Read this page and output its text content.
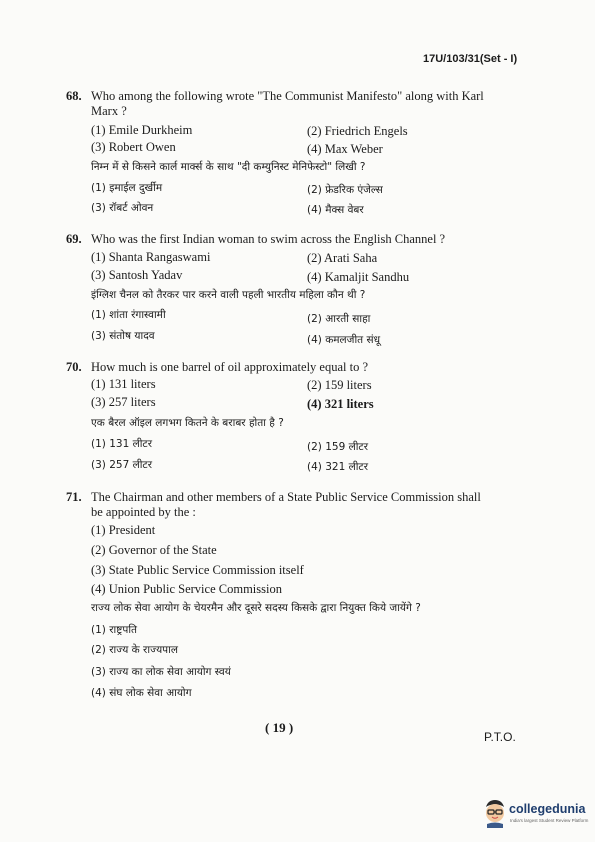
17U/103/31(Set - I)
68. Who among the following wrote "The Communist Manifesto" along with Karl
Marx ?
(1) Emile Durkheim	(2) Friedrich Engels
(3) Robert Owen	(4) Max Weber
निम्न में से किसने कार्ल मार्क्स के साथ "दी कम्युनिस्ट मेनिफेस्टो" लिखी ?
(1) इमाईल दुर्खीम	(2) फ्रेडरिक एंजेल्स
(3) रॉबर्ट ओवन	(4) मैक्स वेबर
69. Who was the first Indian woman to swim across the English Channel ?
(1) Shanta Rangaswami	(2) Arati Saha
(3) Santosh Yadav	(4) Kamaljit Sandhu
इंग्लिश चैनल को तैरकर पार करने वाली पहली भारतीय महिला कौन थी ?
(1) शांता रंगास्वामी	(2) आरती साहा
(3) संतोष यादव	(4) कमलजीत संधू
70. How much is one barrel of oil approximately equal to ?
(1) 131 liters	(2) 159 liters
(3) 257 liters	(4) 321 liters
एक बैरल ऑइल लगभग कितने के बराबर होता है ?
(1) 131 लीटर	(2) 159 लीटर
(3) 257 लीटर	(4) 321 लीटर
71. The Chairman and other members of a State Public Service Commission shall
be appointed by the :
(1) President
(2) Governor of the State
(3) State Public Service Commission itself
(4) Union Public Service Commission
राज्य लोक सेवा आयोग के चेयरमैन और दूसरे सदस्य किसके द्वारा नियुक्त किये जायेंगे ?
(1) राष्ट्रपति
(2) राज्य के राज्यपाल
(3) राज्य का लोक सेवा आयोग स्वयं
(4) संघ लोक सेवा आयोग
( 19 )
P.T.O.
collegedunia
India's largest Student Review Platform
